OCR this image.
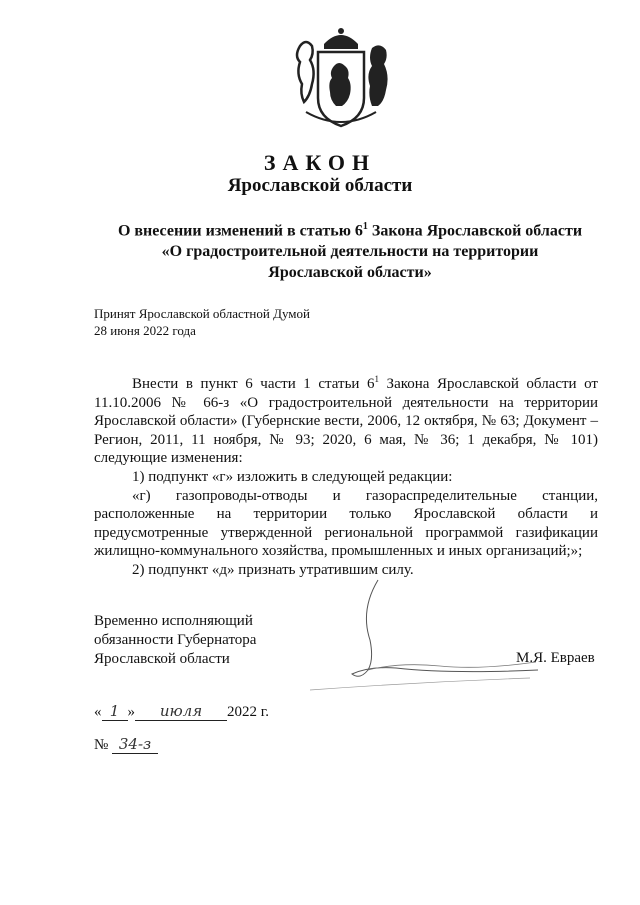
ЗАКОН
Ярославской области
О внесении изменений в статью $6^1$ Закона Ярославской области
«О градостроительной деятельности на территории
Ярославской области»
Принят Ярославской областной Думой
28 июня 2022 года

Внести в пункт 6 части 1 статьи $6^1$ Закона Ярославской области от 11.10.2006 № 66-з «О градостроительной деятельности на территории Ярославской области» (Губернские вести, 2006, 12 октября, № 63; Документ – Регион, 2011, 11 ноября, № 93; 2020, 6 мая, № 36; 1 декабря, № 101) следующие изменения:

1) подпункт «г» изложить в следующей редакции:

«г) газопроводы-отводы и газораспределительные станции, расположенные на территории только Ярославской области и предусмотренные утвержденной региональной программой газификации жилищно-коммунального хозяйства, промышленных и иных организаций;»;

2) подпункт «д» признать утратившим силу.

Временно исполняющий
обязанности Губернатора
Ярославской области	М.Я. Евраев
« 1 » июля 2022 г.
№ 34-з
